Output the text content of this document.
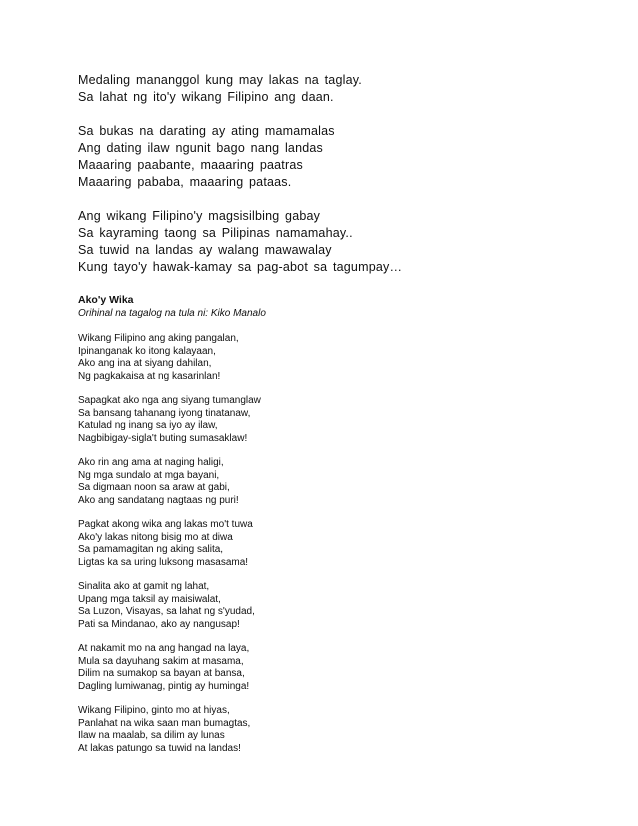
Medaling mananggol kung may lakas na taglay.
Sa lahat ng ito'y wikang Filipino ang daan.
Sa bukas na darating ay ating mamamalas
Ang dating ilaw ngunit bago nang landas
Maaaring paabante, maaaring paatras
Maaaring pababa, maaaring pataas.
Ang wikang Filipino'y magsisilbing gabay
Sa kayraming taong sa Pilipinas namamahay..
Sa tuwid na landas ay walang mawawalay
Kung tayo'y hawak-kamay sa pag-abot sa tagumpay…
Ako'y Wika
Orihinal na tagalog na tula ni: Kiko Manalo
Wikang Filipino ang aking pangalan,
Ipinanganak ko itong kalayaan,
Ako ang ina at siyang dahilan,
Ng pagkakaisa at ng kasarinlan!
Sapagkat ako nga ang siyang tumanglaw
Sa bansang tahanang iyong tinatanaw,
Katulad ng inang sa iyo ay ilaw,
Nagbibigay-sigla't buting sumasaklaw!
Ako rin ang ama at naging haligi,
Ng mga sundalo at mga bayani,
Sa digmaan noon sa araw at gabi,
Ako ang sandatang nagtaas ng puri!
Pagkat akong wika ang lakas mo't tuwa
Ako'y lakas nitong bisig mo at diwa
Sa pamamagitan ng aking salita,
Ligtas ka sa uring luksong masasama!
Sinalita ako at gamit ng lahat,
Upang mga taksil ay maisiwalat,
Sa Luzon, Visayas, sa lahat ng s'yudad,
Pati sa Mindanao, ako ay nangusap!
At nakamit mo na ang hangad na laya,
Mula sa dayuhang sakim at masama,
Dilim na sumakop sa bayan at bansa,
Dagling lumiwanag, pintig ay huminga!
Wikang Filipino, ginto mo at hiyas,
Panlahat na wika saan man bumagtas,
Ilaw na maalab, sa dilim ay lunas
At lakas patungo sa tuwid na landas!
